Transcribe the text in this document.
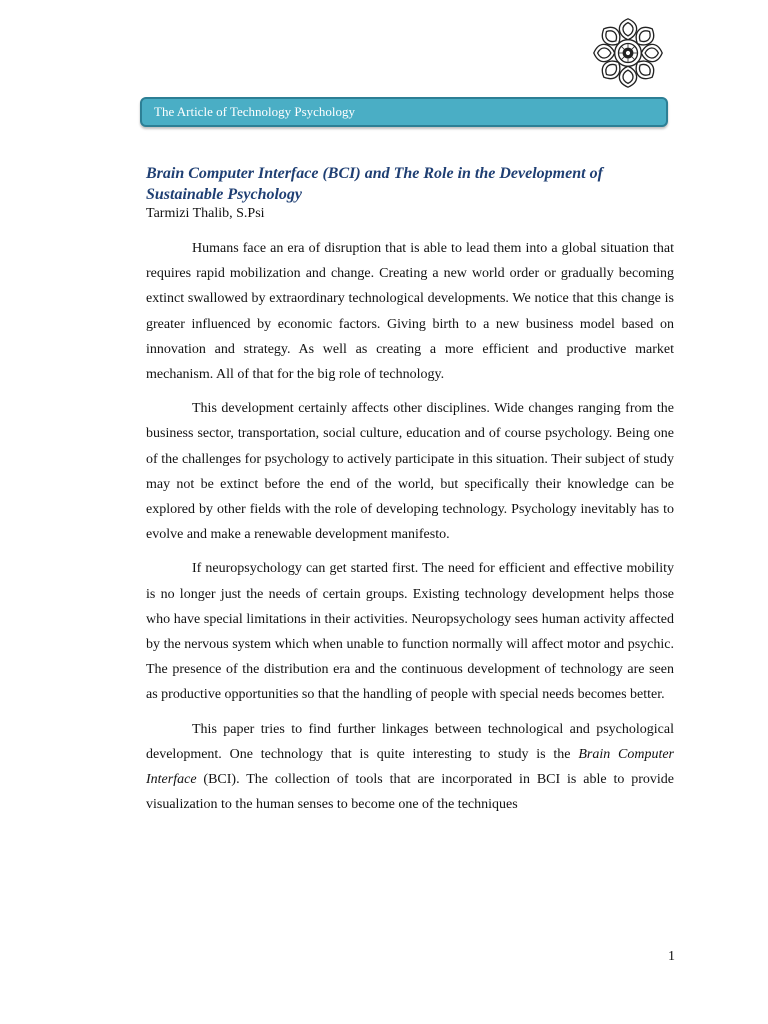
The Article of Technology Psychology
Brain Computer Interface (BCI) and The Role in the Development of Sustainable Psychology
Tarmizi Thalib, S.Psi

Humans face an era of disruption that is able to lead them into a global situation that requires rapid mobilization and change. Creating a new world order or gradually becoming extinct swallowed by extraordinary technological developments. We notice that this change is greater influenced by economic factors. Giving birth to a new business model based on innovation and strategy. As well as creating a more efficient and productive market mechanism. All of that for the big role of technology.

This development certainly affects other disciplines. Wide changes ranging from the business sector, transportation, social culture, education and of course psychology. Being one of the challenges for psychology to actively participate in this situation. Their subject of study may not be extinct before the end of the world, but specifically their knowledge can be explored by other fields with the role of developing technology. Psychology inevitably has to evolve and make a renewable development manifesto.

If neuropsychology can get started first. The need for efficient and effective mobility is no longer just the needs of certain groups. Existing technology development helps those who have special limitations in their activities. Neuropsychology sees human activity affected by the nervous system which when unable to function normally will affect motor and psychic. The presence of the distribution era and the continuous development of technology are seen as productive opportunities so that the handling of people with special needs becomes better.

This paper tries to find further linkages between technological and psychological development. One technology that is quite interesting to study is the Brain Computer Interface (BCI). The collection of tools that are incorporated in BCI is able to provide visualization to the human senses to become one of the techniques

1
